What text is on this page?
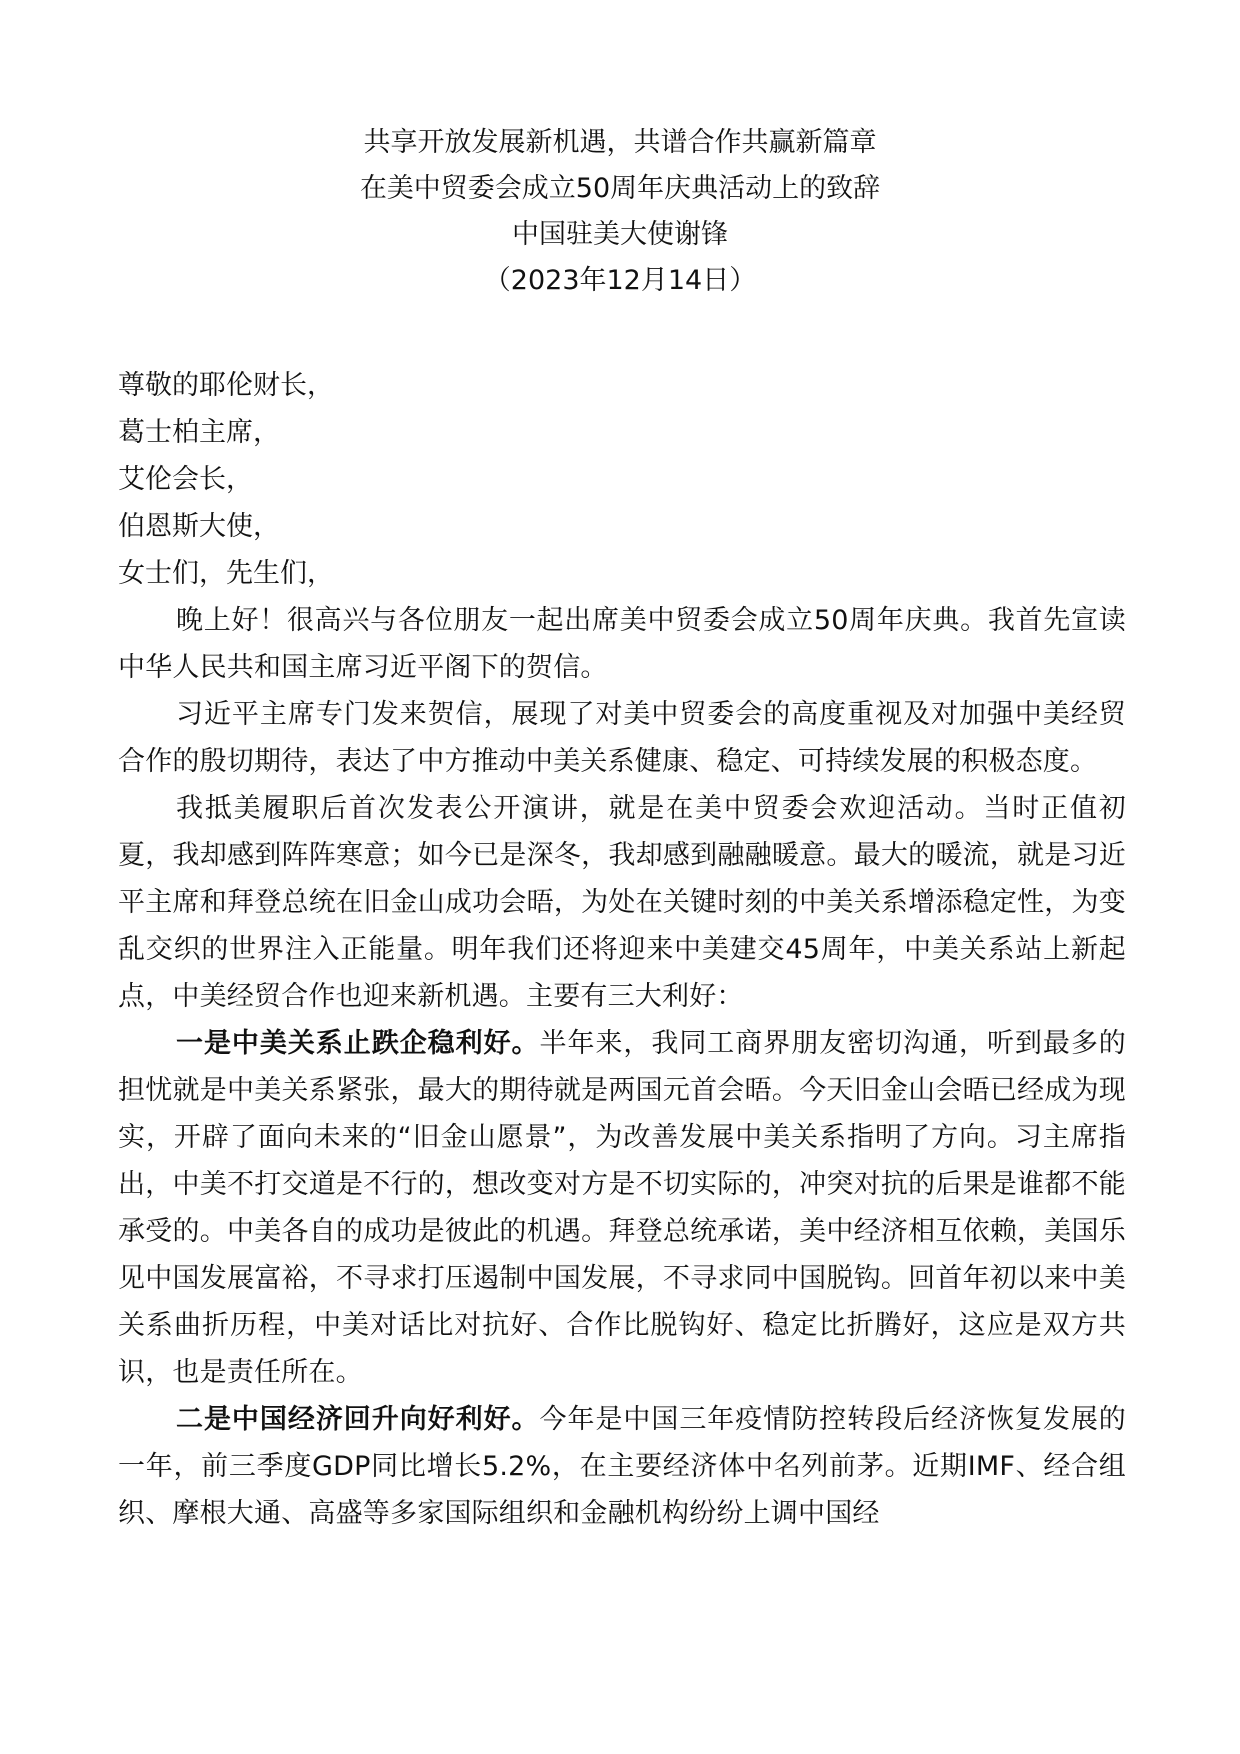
共享开放发展新机遇，共谱合作共赢新篇章
在美中贸委会成立50周年庆典活动上的致辞
中国驻美大使谢锋
（2023年12月14日）
尊敬的耶伦财长，
葛士柏主席，
艾伦会长，
伯恩斯大使，
女士们，先生们，

晚上好！很高兴与各位朋友一起出席美中贸委会成立50周年庆典。我首先宣读中华人民共和国主席习近平阁下的贺信。

习近平主席专门发来贺信，展现了对美中贸委会的高度重视及对加强中美经贸合作的殷切期待，表达了中方推动中美关系健康、稳定、可持续发展的积极态度。

我抵美履职后首次发表公开演讲，就是在美中贸委会欢迎活动。当时正值初夏，我却感到阵阵寒意；如今已是深冬，我却感到融融暖意。最大的暖流，就是习近平主席和拜登总统在旧金山成功会晤，为处在关键时刻的中美关系增添稳定性，为变乱交织的世界注入正能量。明年我们还将迎来中美建交45周年，中美关系站上新起点，中美经贸合作也迎来新机遇。主要有三大利好：

一是中美关系止跌企稳利好。半年来，我同工商界朋友密切沟通，听到最多的担忧就是中美关系紧张，最大的期待就是两国元首会晤。今天旧金山会晤已经成为现实，开辟了面向未来的“旧金山愿景”，为改善发展中美关系指明了方向。习主席指出，中美不打交道是不行的，想改变对方是不切实际的，冲突对抗的后果是谁都不能承受的。中美各自的成功是彼此的机遇。拜登总统承诺，美中经济相互依赖，美国乐见中国发展富裕，不寻求打压遏制中国发展，不寻求同中国脱钩。回首年初以来中美关系曲折历程，中美对话比对抗好、合作比脱钩好、稳定比折腾好，这应是双方共识，也是责任所在。

二是中国经济回升向好利好。今年是中国三年疫情防控转段后经济恢复发展的一年，前三季度GDP同比增长5.2%，在主要经济体中名列前茅。近期IMF、经合组织、摩根大通、高盛等多家国际组织和金融机构纷纷上调中国经
